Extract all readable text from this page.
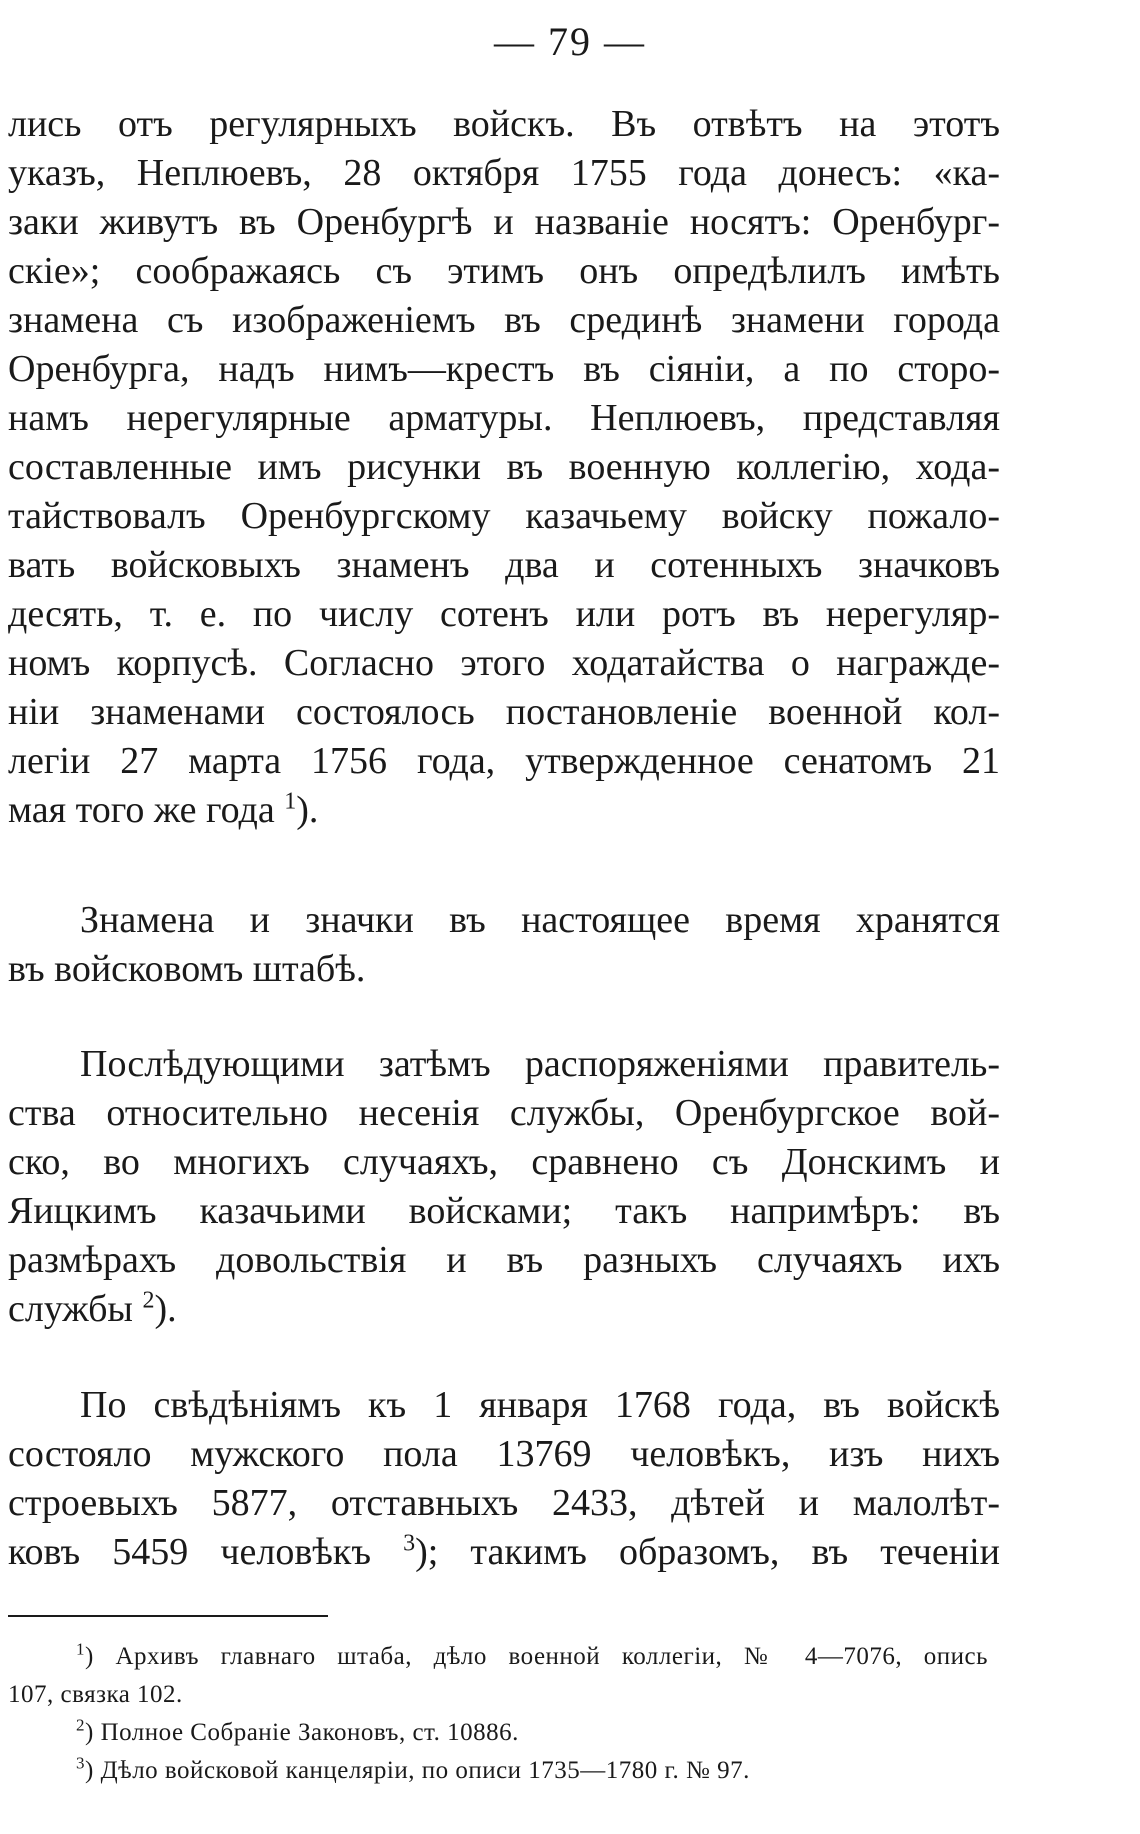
— 79 —
лись отъ регулярныхъ войскъ. Въ отвѣтъ на этотъ
указъ, Неплюевъ, 28 октября 1755 года донесъ: «ка-
заки живутъ въ Оренбургѣ и названіе носятъ: Оренбург-
скіе»; соображаясь съ этимъ онъ опредѣлилъ имѣть
знамена съ изображеніемъ въ срединѣ знамени города
Оренбурга, надъ нимъ—крестъ въ сіяніи, а по сторо-
намъ нерегулярные арматуры. Неплюевъ, представляя
составленные имъ рисунки въ военную коллегію, хода-
тайствовалъ Оренбургскому казачьему войску пожало-
вать войсковыхъ знаменъ два и сотенныхъ значковъ
десять, т. е. по числу сотенъ или ротъ въ нерегуляр-
номъ корпусѣ. Согласно этого ходатайства о награжде-
ніи знаменами состоялось постановленіе военной кол-
легіи 27 марта 1756 года, утвержденное сенатомъ 21
мая того же года $^1$).
Знамена и значки въ настоящее время хранятся
въ войсковомъ штабѣ.
Послѣдующими затѣмъ распоряженіями правитель-
ства относительно несенія службы, Оренбургское вой-
ско, во многихъ случаяхъ, сравнено съ Донскимъ и
Яицкимъ казачьими войсками; такъ напримѣръ: въ
размѣрахъ довольствія и въ разныхъ случаяхъ ихъ
службы $^2$).
По свѣдѣніямъ къ 1 января 1768 года, въ войскѣ
состояло мужского пола 13769 человѣкъ, изъ нихъ
строевыхъ 5877, отставныхъ 2433, дѣтей и малолѣт-
ковъ 5459 человѣкъ $^3$); такимъ образомъ, въ теченіи
$^1$) Архивъ главнаго штаба, дѣло военной коллегіи, № 4—7076, опись
107, связка 102.
$^2$) Полное Собраніе Законовъ, ст. 10886.
$^3$) Дѣло войсковой канцеляріи, по описи 1735—1780 г. № 97.
